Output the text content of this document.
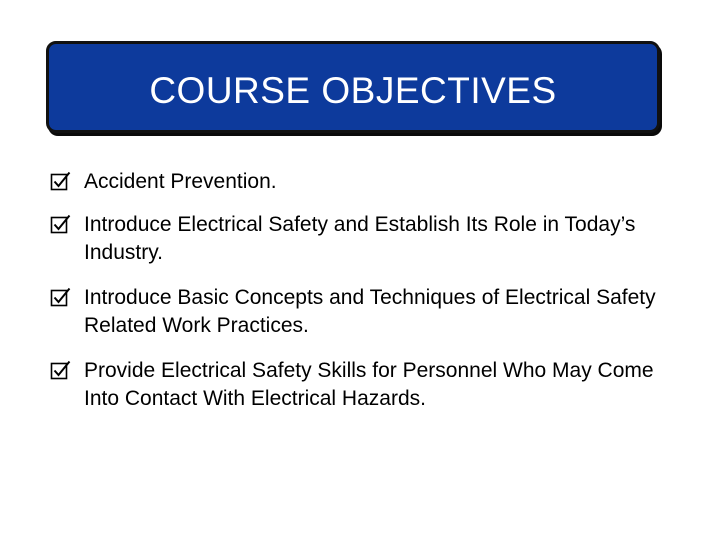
COURSE OBJECTIVES
Accident Prevention.
Introduce Electrical Safety and Establish Its Role in Today’s Industry.
Introduce Basic Concepts and Techniques of Electrical Safety Related Work Practices.
Provide Electrical Safety Skills for Personnel Who May Come Into Contact With Electrical Hazards.
